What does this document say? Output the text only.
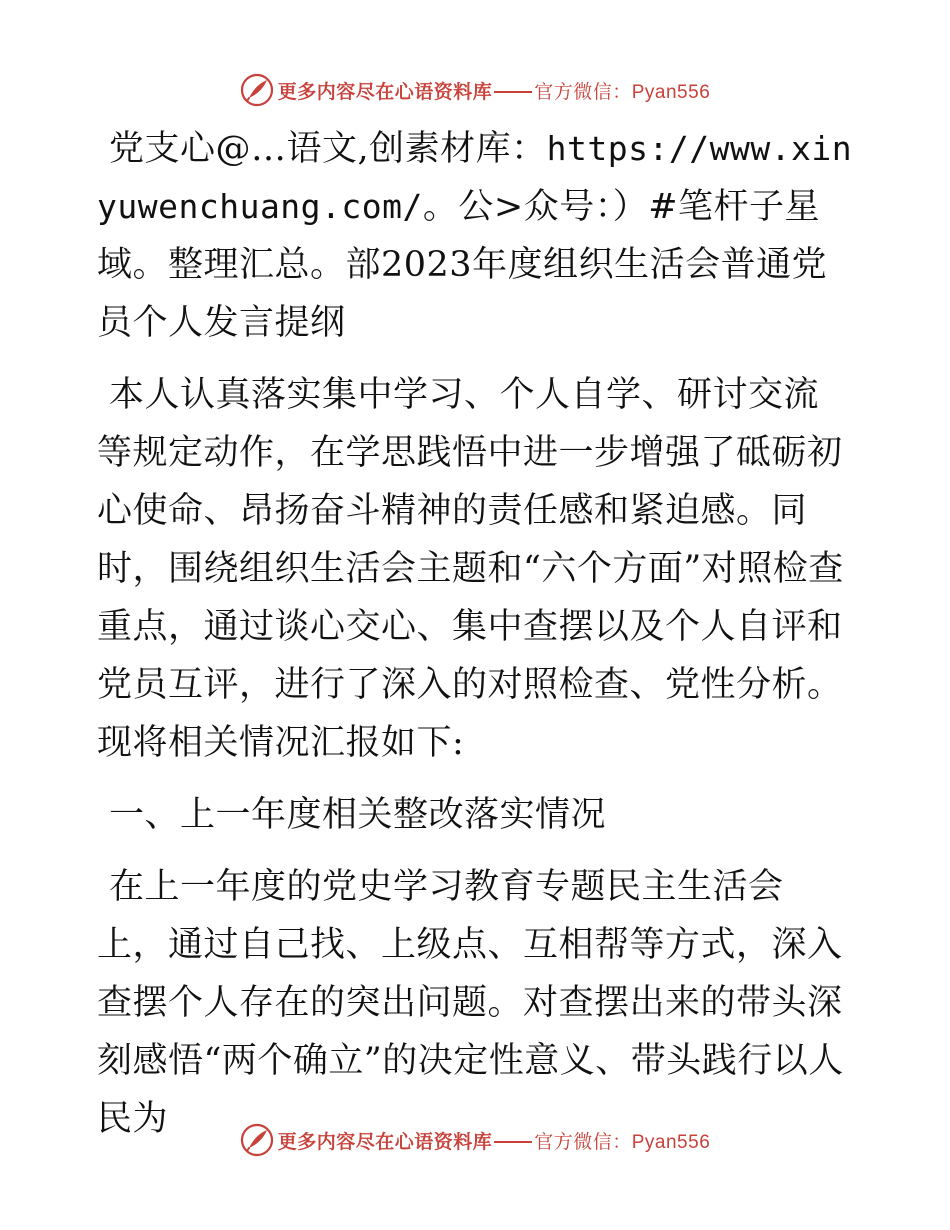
更多内容尽在心语资料库 官方微信：Pyan556

党支心@…语文,创素材库：https://www.xinyuwenchuang.com/。公>众号：）#笔杆子星域。整理汇总。部2023年度组织生活会普通党员个人发言提纲

本人认真落实集中学习、个人自学、研讨交流等规定动作，在学思践悟中进一步增强了砥砺初心使命、昂扬奋斗精神的责任感和紧迫感。同时，围绕组织生活会主题和“六个方面”对照检查重点，通过谈心交心、集中查摆以及个人自评和党员互评，进行了深入的对照检查、党性分析。现将相关情况汇报如下:

一、上一年度相关整改落实情况

在上一年度的党史学习教育专题民主生活会上，通过自己找、上级点、互相帮等方式，深入查摆个人存在的突出问题。对查摆出来的带头深刻感悟“两个确立”的决定性意义、带头践行以人民为

更多内容尽在心语资料库 官方微信：Pyan556
